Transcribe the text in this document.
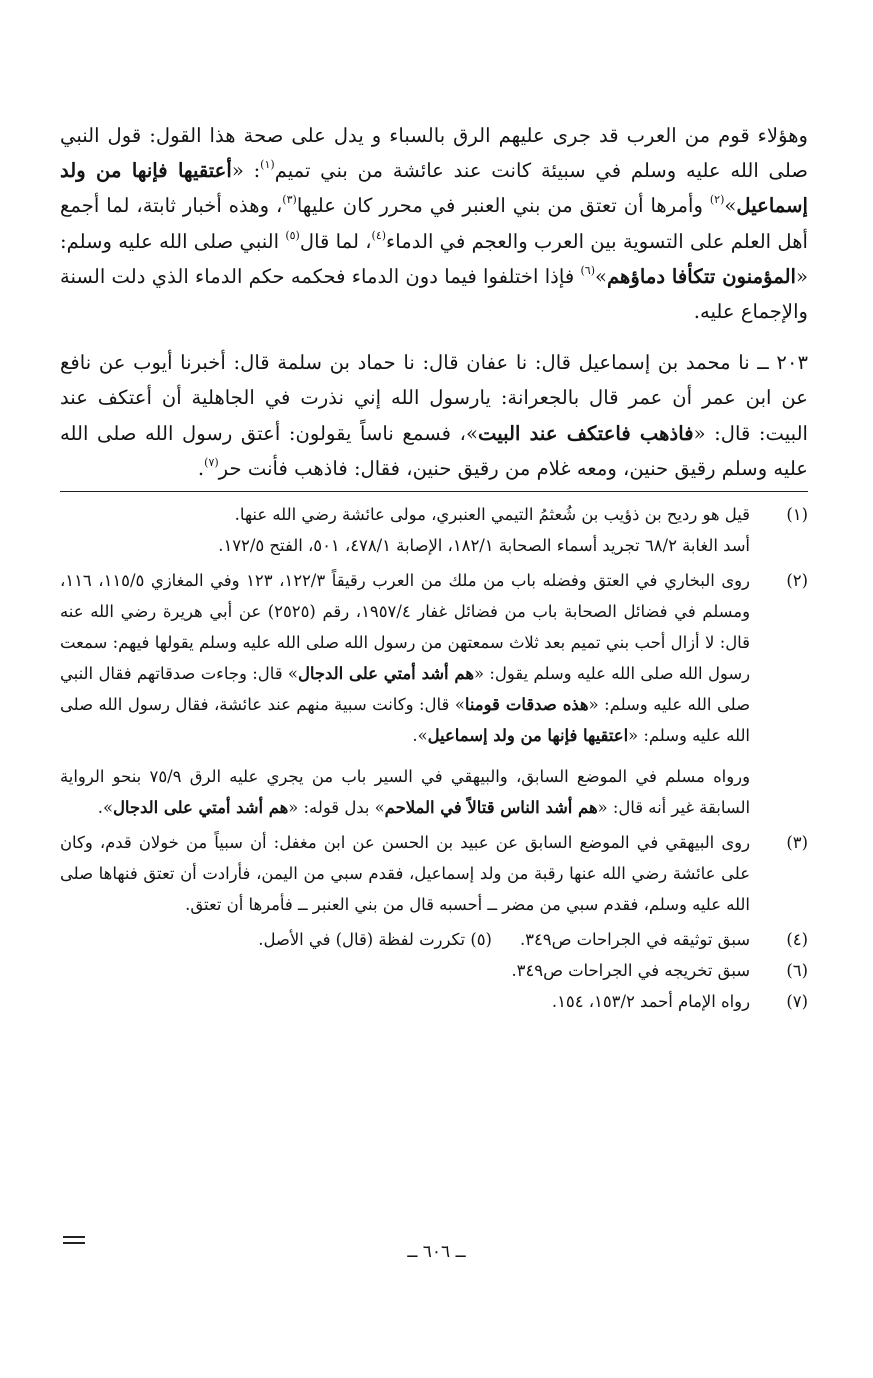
وهؤلاء قوم من العرب قد جرى عليهم الرق بالسباء و يدل على صحة هذا القول: قول النبي صلى الله عليه وسلم في سبيئة كانت عند عائشة من بني تميم$^{(١)}$: «أعتقيها فإنها من ولد إسماعيل»$^{(٢)}$ وأمرها أن تعتق من بني العنبر في محرر كان عليها$^{(٣)}$، وهذه أخبار ثابتة، لما أجمع أهل العلم على التسوية بين العرب والعجم في الدماء$^{(٤)}$، لما قال$^{(٥)}$ النبي صلى الله عليه وسلم: «المؤمنون تتكأفا دماؤهم»$^{(٦)}$ فإذا اختلفوا فيما دون الدماء فحكمه حكم الدماء الذي دلت السنة والإجماع عليه.

٢٠٣ ــ نا محمد بن إسماعيل قال: نا عفان قال: نا حماد بن سلمة قال: أخبرنا أيوب عن نافع عن ابن عمر أن عمر قال بالجعرانة: يارسول الله إني نذرت في الجاهلية أن أعتكف عند البيت: قال: «فاذهب فاعتكف عند البيت»، فسمع ناساً يقولون: أعتق رسول الله صلى الله عليه وسلم رقيق حنين، ومعه غلام من رقيق حنين، فقال: فاذهب فأنت حر$^{(٧)}$.

(١)

قيل هو رديح بن ذؤيب بن شُعثمُ التيمي العنبري، مولى عائشة رضي الله عنها.

أسد الغابة ٦٨/٢ تجريد أسماء الصحابة ١٨٢/١، الإصابة ٤٧٨/١، ٥٠١، الفتح ١٧٢/٥.

(٢)

روى البخاري في العتق وفضله باب من ملك من العرب رقيقاً ١٢٢/٣، ١٢٣ وفي المغازي ١١٥/٥، ١١٦، ومسلم في فضائل الصحابة باب من فضائل غفار ١٩٥٧/٤، رقم (٢٥٢٥) عن أبي هريرة رضي الله عنه قال: لا أزال أحب بني تميم بعد ثلاث سمعتهن من رسول الله صلى الله عليه وسلم يقولها فيهم: سمعت رسول الله صلى الله عليه وسلم يقول: «هم أشد أمتي على الدجال» قال: وجاءت صدقاتهم فقال النبي صلى الله عليه وسلم: «هذه صدقات قومنا» قال: وكانت سبية منهم عند عائشة، فقال رسول الله صلى الله عليه وسلم: «اعتقيها فإنها من ولد إسماعيل».

ورواه مسلم في الموضع السابق، والبيهقي في السير باب من يجري عليه الرق ٧٥/٩ بنحو الرواية السابقة غير أنه قال: «هم أشد الناس قتالاً في الملاحم» بدل قوله: «هم أشد أمتي على الدجال».

(٣)

روى البيهقي في الموضع السابق عن عبيد بن الحسن عن ابن مغفل: أن سبياً من خولان قدم، وكان على عائشة رضي الله عنها رقبة من ولد إسماعيل، فقدم سبي من اليمن، فأرادت أن تعتق فنهاها صلى الله عليه وسلم، فقدم سبي من مضر ــ أحسبه قال من بني العنبر ــ فأمرها أن تعتق.

(٤)
سبق توثيقه في الجراحات ص٣٤٩.(٥) تكررت لفظة (قال) في الأصل.
(٦)
سبق تخريجه في الجراحات ص٣٤٩.
(٧)
رواه الإمام أحمد ١٥٣/٢، ١٥٤.
ــ ٦٠٦ ــ
